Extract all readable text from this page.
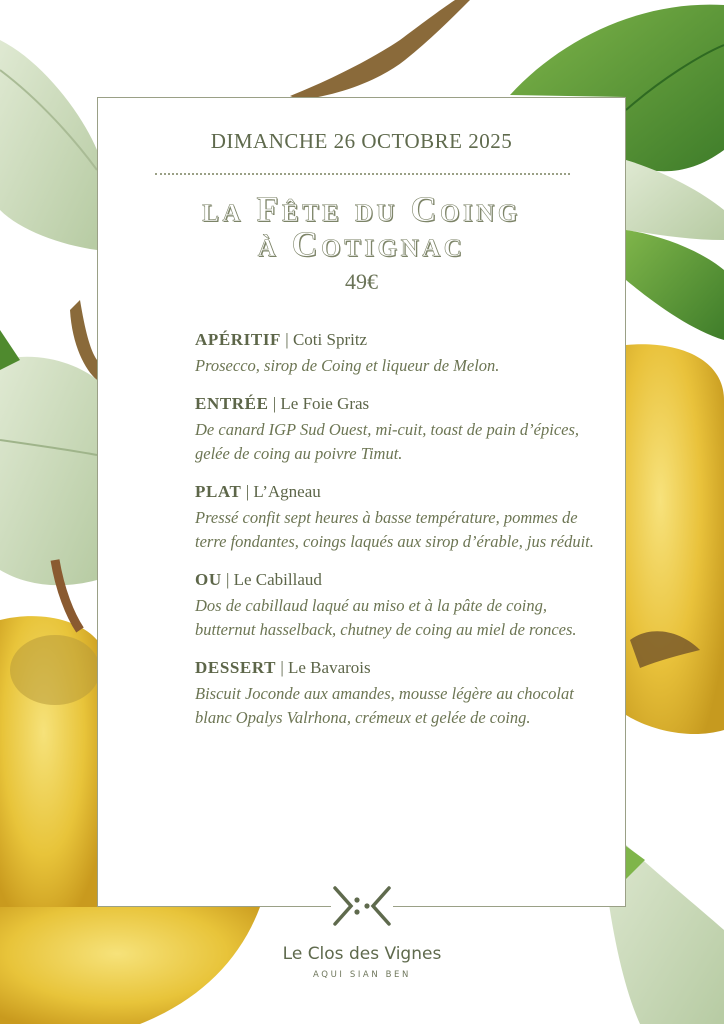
DIMANCHE 26 OCTOBRE 2025
la Fête du Coing
à Cotignac
49€
APÉRITIF | Coti Spritz
Prosecco, sirop de Coing et liqueur de Melon.
ENTRÉE | Le Foie Gras
De canard IGP Sud Ouest, mi-cuit, toast de pain d’épices, gelée de coing au poivre Timut.
PLAT | L’Agneau
Pressé confit sept heures à basse température, pommes de terre fondantes, coings laqués aux sirop d’érable, jus réduit.
OU | Le Cabillaud
Dos de cabillaud laqué au miso et à la pâte de coing, butternut hasselback, chutney de coing au miel de ronces.
DESSERT | Le Bavarois
Biscuit Joconde aux amandes, mousse légère au chocolat blanc Opalys Valrhona, crémeux et gelée de coing.
Le Clos des Vignes
AQUI SIAN BEN
